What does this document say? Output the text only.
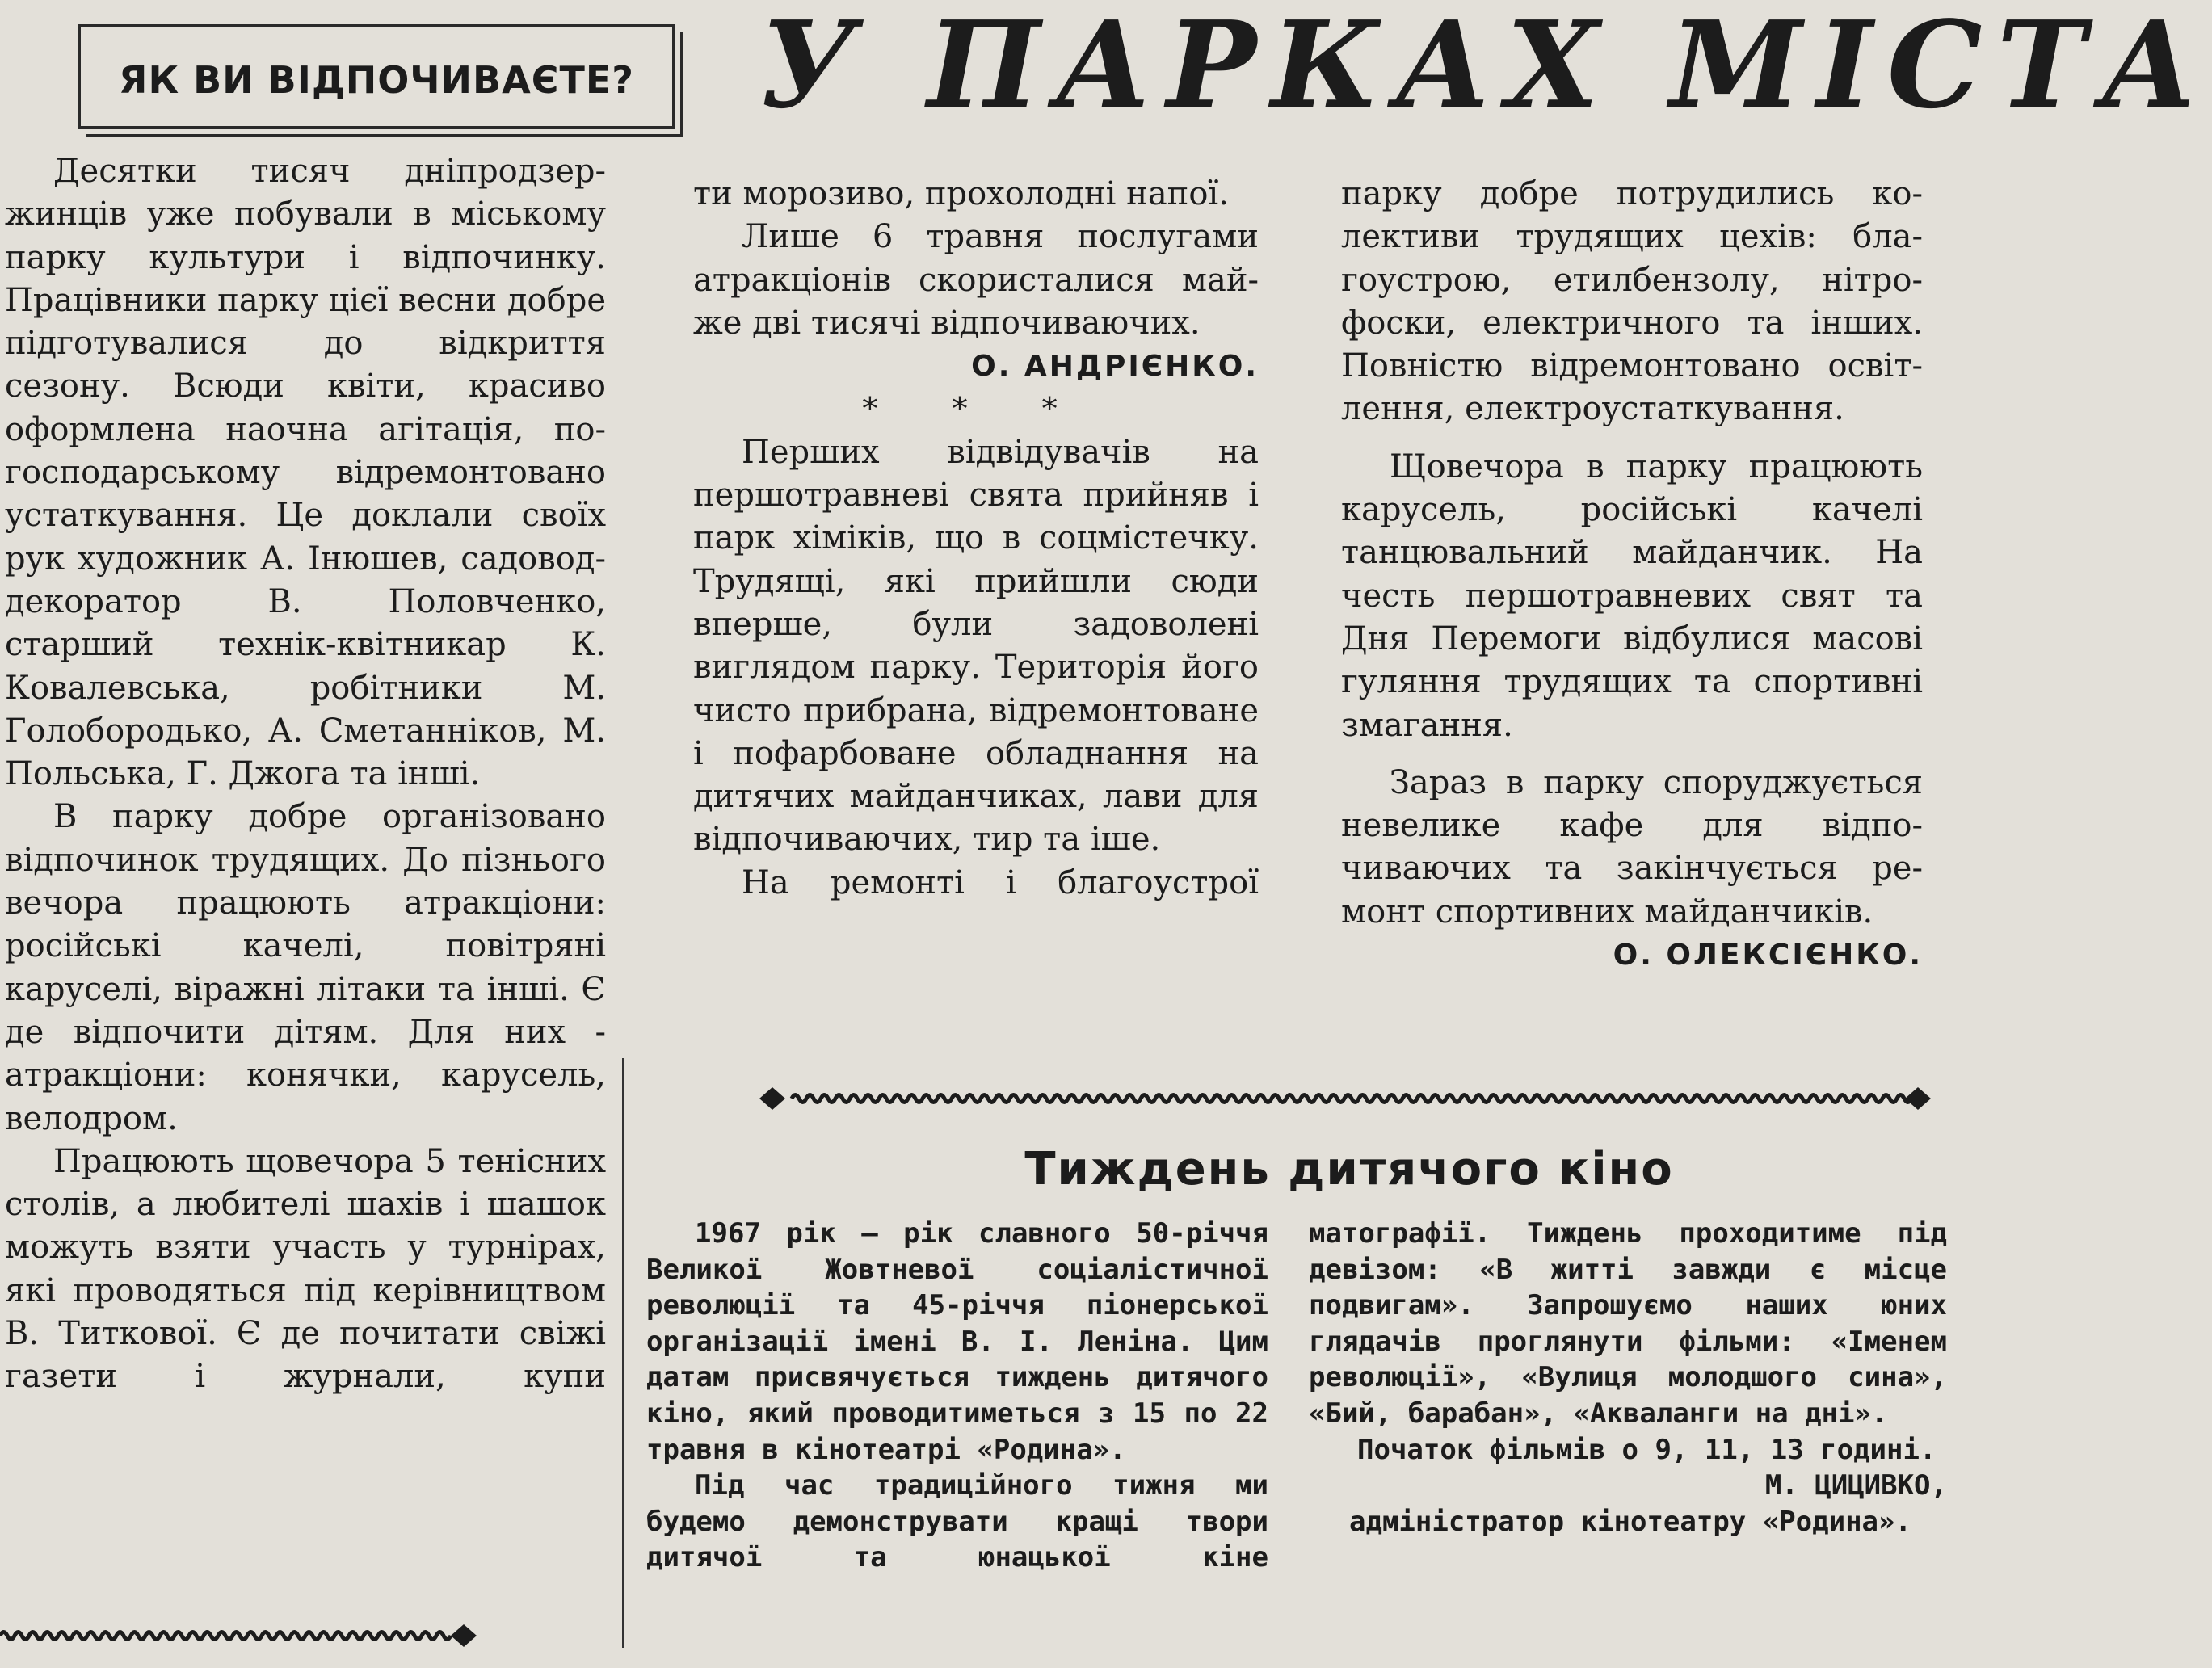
ЯК ВИ ВІДПОЧИВАЄТЕ?	У ПАРКАХ МІСТА

Десятки тисяч дніпродзержинців уже побували в міському парку культури і відпочинку. Працівники парку цієї весни добре підготувалися до відкриття сезону. Всюди квіти, красиво оформлена наочна агітація, по-господарському відремонтовано устаткування. Це доклали своїх рук художник А. Інюшев, садовод-декоратор В. Половченко, старший технік-квітникар К. Ковалевська, робітники М. Голобородько, А. Сметанніков, М. Польська, Г. Джога та інші.

В парку добре організовано відпочинок трудящих. До пізнього вечора працюють атракціони: російські качелі, повітряні каруселі, віражні літаки та інші. Є де відпочити дітям. Для них - атракціони: конячки, карусель, велодром.

Працюють щовечора 5 тенісних столів, а любителі шахів і шашок можуть взяти участь у турнірах, які проводяться під керівництвом В. Титкової. Є де почитати свіжі газети і журнали, купи

ти морозиво, прохолодні напої.

Лише 6 травня послугами атракціонів скористалися майже дві тисячі відпочиваючих.

О. АНДРІЄНКО.

* * *

Перших відвідувачів на першотравневі свята прийняв і парк хіміків, що в соцмістечку. Трудящі, які прийшли сюди вперше, були задоволені виглядом парку. Територія його чисто прибрана, відремонтоване і пофарбоване обладнання на дитячих майданчиках, лави для відпочиваючих, тир та іше.

На ремонті і благоустрої

парку добре потрудились колективи трудящих цехів: благоустрою, етилбензолу, нітрофоски, електричного та інших. Повністю відремонтовано освітлення, електроустаткування.

Щовечора в парку працюють карусель, російські качелі танцювальний майданчик. На честь першотравневих свят та Дня Перемоги відбулися масові гуляння трудящих та спортивні змагання.

Зараз в парку споруджується невелике кафе для відпочиваючих та закінчується ремонт спортивних майданчиків.

О. ОЛЕКСІЄНКО.

Тиждень дитячого кіно

1967 рік — рік славного 50-річчя Великої Жовтневої соціалістичної революції та 45-річчя піонерської організації імені В. І. Леніна. Цим датам присвячується тиждень дитячого кіно, який проводитиметься з 15 по 22 травня в кінотеатрі «Родина».

Під час традиційного тижня ми будемо демонструвати кращі твори дитячої та юнацької кіне

матографії. Тиждень проходитиме під девізом: «В житті завжди є місце подвигам». Запрошуємо наших юних глядачів проглянути фільми: «Іменем революції», «Вулиця молодшого сина», «Бий, барабан», «Акваланги на дні».

Початок фільмів о 9, 11, 13 годині.

М. ЦИЦИВКО,

адміністратор кінотеатру «Родина».
